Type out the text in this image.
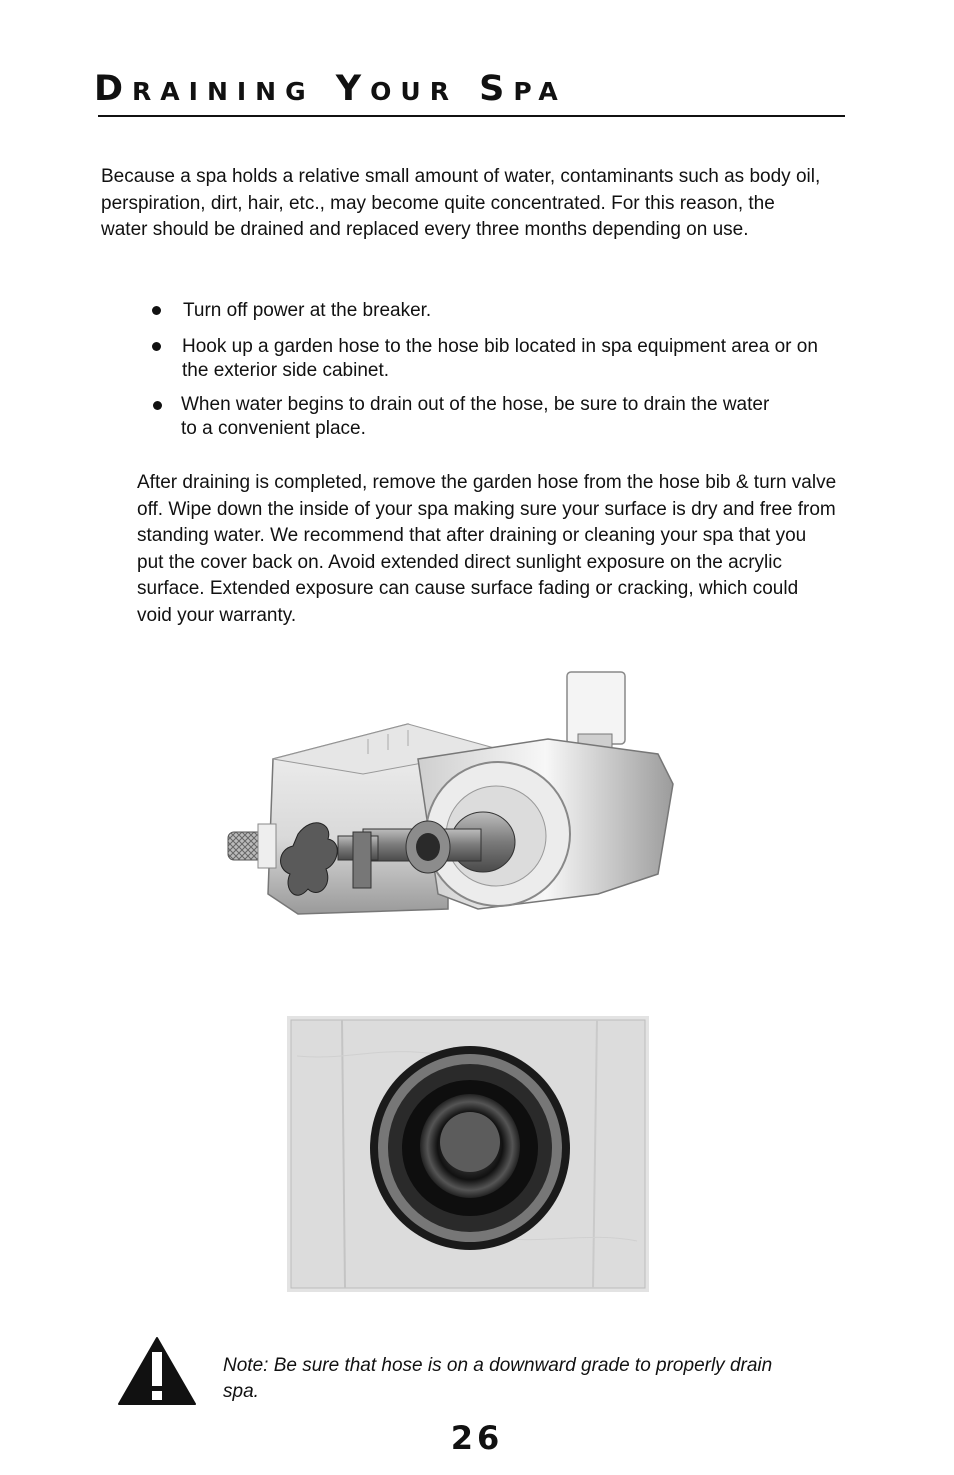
Draining Your Spa

Because a spa holds a relative small amount of water, contaminants such as body oil, perspiration, dirt, hair, etc., may become quite concentrated. For this reason, the water should be drained and replaced every three months depending on use.

Turn off power at the breaker.
Hook up a garden hose to the hose bib located in spa equipment area or on
the exterior side cabinet.
When water begins to drain out of the hose, be sure to drain the water
to a convenient place.

After draining is completed, remove the garden hose from the hose bib & turn valve off. Wipe down the inside of your spa making sure your surface is dry and free from standing water. We recommend that after draining or cleaning your spa that you put the cover back on. Avoid extended direct sunlight exposure on the acrylic surface. Extended exposure can cause surface fading or cracking, which could void your warranty.

Note: Be sure that hose is on a downward grade to properly drain spa.

26
